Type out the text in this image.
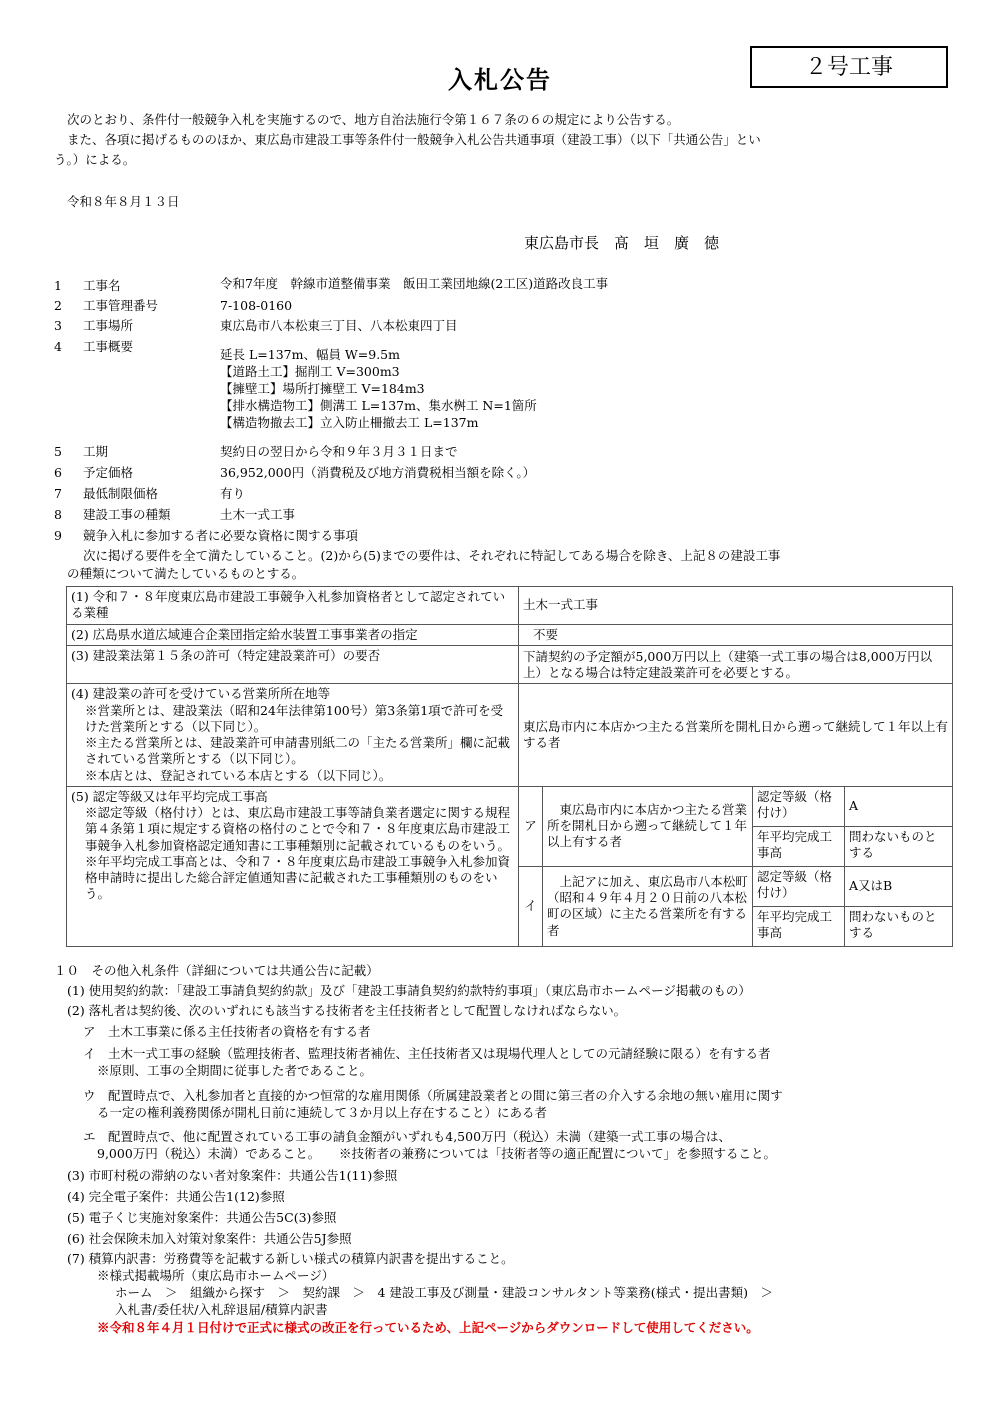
入札公告	２号工事
次のとおり、条件付一般競争入札を実施するので、地方自治法施行令第１６７条の６の規定により公告する。
また、各項に掲げるもののほか、東広島市建設工事等条件付一般競争入札公告共通事項（建設工事）（以下「共通公告」とい
う。）による。
令和８年８月１３日
東広島市長　髙　垣　廣　徳
1 工事名	令和7年度　幹線市道整備事業　飯田工業団地線(2工区)道路改良工事
2 工事管理番号	7-108-0160
3 工事場所	東広島市八本松東三丁目、八本松東四丁目
4 工事概要
延長 L=137m、幅員 W=9.5m
【道路土工】掘削工 V=300m3
【擁壁工】場所打擁壁工 V=184m3
【排水構造物工】側溝工 L=137m、集水桝工 N=1箇所
【構造物撤去工】立入防止柵撤去工 L=137m
5 工期	契約日の翌日から令和９年３月３１日まで
6 予定価格	36,952,000円（消費税及び地方消費税相当額を除く。）
7 最低制限価格	有り
8 建設工事の種類	土木一式工事
9 競争入札に参加する者に必要な資格に関する事項
次に掲げる要件を全て満たしていること。(2)から(5)までの要件は、それぞれに特記してある場合を除き、上記８の建設工事
の種類について満たしているものとする。
(1) 令和７・８年度東広島市建設工事競争入札参加資格者として認定されている業種	土木一式工事			
(2) 広島県水道広域連合企業団指定給水装置工事事業者の指定	不要			
(3) 建設業法第１５条の許可（特定建設業許可）の要否	下請契約の予定額が5,000万円以上（建築一式工事の場合は8,000万円以上）となる場合は特定建設業許可を必要とする。			

(4) 建設業の許可を受けている営業所所在地等
※営業所とは、建設業法（昭和24年法律第100号）第3条第1項で許可を受けた営業所とする（以下同じ）。
※主たる営業所とは、建設業許可申請書別紙二の「主たる営業所」欄に記載されている営業所とする（以下同じ）。
※本店とは、登記されている本店とする（以下同じ）。	東広島市内に本店かつ主たる営業所を開札日から遡って継続して１年以上有する者			

(5) 認定等級又は年平均完成工事高
※認定等級（格付け）とは、東広島市建設工事等請負業者選定に関する規程第４条第１項に規定する資格の格付のことで令和７・８年度東広島市建設工事競争入札参加資格認定通知書に工事種類別に記載されているものをいう。
※年平均完成工事高とは、令和７・８年度東広島市建設工事競争入札参加資格申請時に提出した総合評定値通知書に記載された工事種類別のものをいう。	ア	東広島市内に本店かつ主たる営業所を開札日から遡って継続して１年以上有する者	認定等級（格付け）	A
			年平均完成工事高	問わないものとする
	イ	上記アに加え、東広島市八本松町（昭和４９年４月２０日前の八本松町の区域）に主たる営業所を有する者	認定等級（格付け）	A又はB
			年平均完成工事高	問わないものとする
１０　その他入札条件（詳細については共通公告に記載）
(1) 使用契約約款：「建設工事請負契約約款」及び「建設工事請負契約約款特約事項」（東広島市ホームページ掲載のもの）
(2) 落札者は契約後、次のいずれにも該当する技術者を主任技術者として配置しなければならない。
ア　土木工事業に係る主任技術者の資格を有する者
イ　土木一式工事の経験（監理技術者、監理技術者補佐、主任技術者又は現場代理人としての元請経験に限る）を有する者
※原則、工事の全期間に従事した者であること。
ウ　配置時点で、入札参加者と直接的かつ恒常的な雇用関係（所属建設業者との間に第三者の介入する余地の無い雇用に関す
る一定の権利義務関係が開札日前に連続して３か月以上存在すること）にある者
エ　配置時点で、他に配置されている工事の請負金額がいずれも4,500万円（税込）未満（建築一式工事の場合は、
9,000万円（税込）未満）であること。　　※技術者の兼務については「技術者等の適正配置について」を参照すること。
(3) 市町村税の滞納のない者対象案件：共通公告1(11)参照
(4) 完全電子案件：共通公告1(12)参照
(5) 電子くじ実施対象案件：共通公告5C(3)参照
(6) 社会保険未加入対策対象案件：共通公告5J参照
(7) 積算内訳書：労務費等を記載する新しい様式の積算内訳書を提出すること。
※様式掲載場所（東広島市ホームページ）
ホーム　＞　組織から探す　＞　契約課　＞　4 建設工事及び測量・建設コンサルタント等業務(様式・提出書類)　＞
入札書/委任状/入札辞退届/積算内訳書
※令和８年４月１日付けで正式に様式の改正を行っているため、上記ページからダウンロードして使用してください。
